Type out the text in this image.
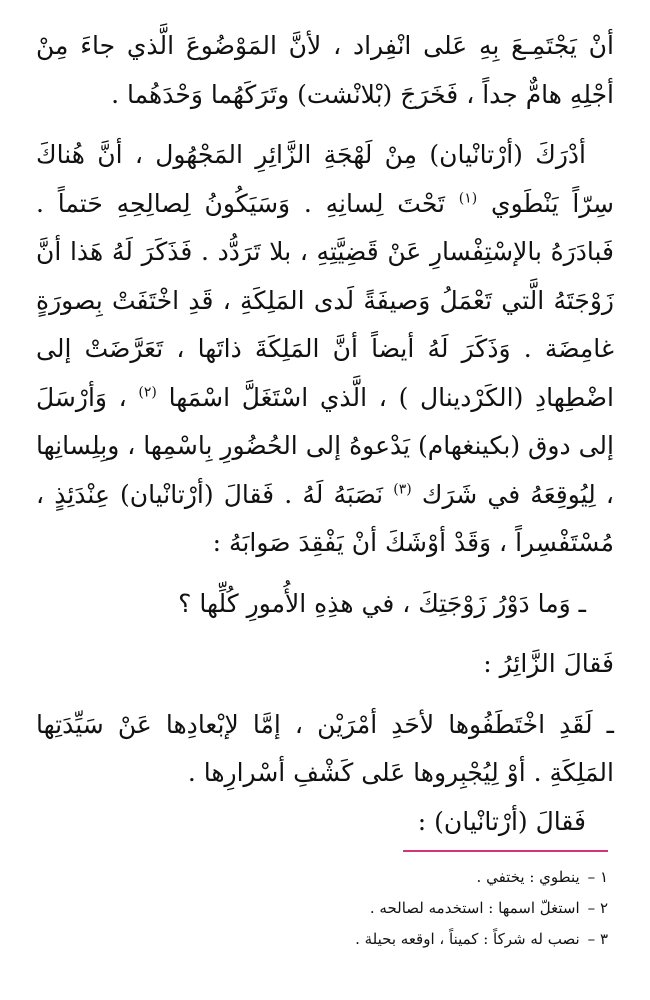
أنْ يَجْتَمِـعَ بِهِ عَلى انْفِراد ، لأنَّ المَوْضُوعَ الَّذي جاءَ مِنْ أجْلِهِ هامٌّ جداً ، فَخَرَجَ (بْلانْشت) وتَرَكَهُما وَحْدَهُما .

أدْرَكَ (أرْتانْيان) مِنْ لَهْجَةِ الزَّائِرِ المَجْهُول ، أنَّ هُناكَ سِرّاً يَنْطَوي $^{(١)}$ تَحْتَ لِسانِهِ . وَسَيَكُونُ لِصالِحِهِ حَتماً . فَبادَرَهُ بالإسْتِفْسارِ عَنْ قَضِيَّتِهِ ، بلا تَرَدُّد . فَذَكَرَ لَهُ هَذا أنَّ زَوْجَتَهُ الَّتي تَعْمَلُ وَصيفَةً لَدى المَلِكَةِ ، قَدِ اخْتَفَتْ بِصورَةٍ غامِضَة . وَذَكَرَ لَهُ أيضاً أنَّ المَلِكَةَ ذاتَها ، تَعَرَّضَتْ إلى اضْطِهادِ (الكَرْدينال ) ، الَّذي اسْتَغَلَّ اسْمَها $^{(٢)}$ ، وَأرْسَلَ إلى دوق (بكينغهام) يَدْعوهُ إلى الحُضُورِ بِاسْمِها ، وبِلِسانِها ، لِيُوقِعَهُ في شَرَك $^{(٣)}$ نَصَبَهُ لَهُ . فَقالَ (أرْتانْيان) عِنْدَئِذٍ ، مُسْتَفْسِراً ، وَقَدْ أوْشَكَ أنْ يَفْقِدَ صَوابَهُ :

ـ وَما دَوْرُ زَوْجَتِكَ ، في هذِهِ الأُمورِ كُلِّها ؟

فَقالَ الزَّائِرُ :

ـ لَقَدِ اخْتَطَفُوها لأحَدِ أمْرَيْن ، إمَّا لإبْعادِها عَنْ سَيِّدَتِها المَلِكَةِ . أوْ لِيُجْبِروها عَلى كَشْفِ أسْرارِها .

فَقالَ (أرْتانْيان) :

١ –
ينطوي : يختفي .
٢ –
استغلّ اسمها : استخدمه لصالحه .
٣ –
نصب له شركاً : كميناً ، اوقعه بحيلة .
